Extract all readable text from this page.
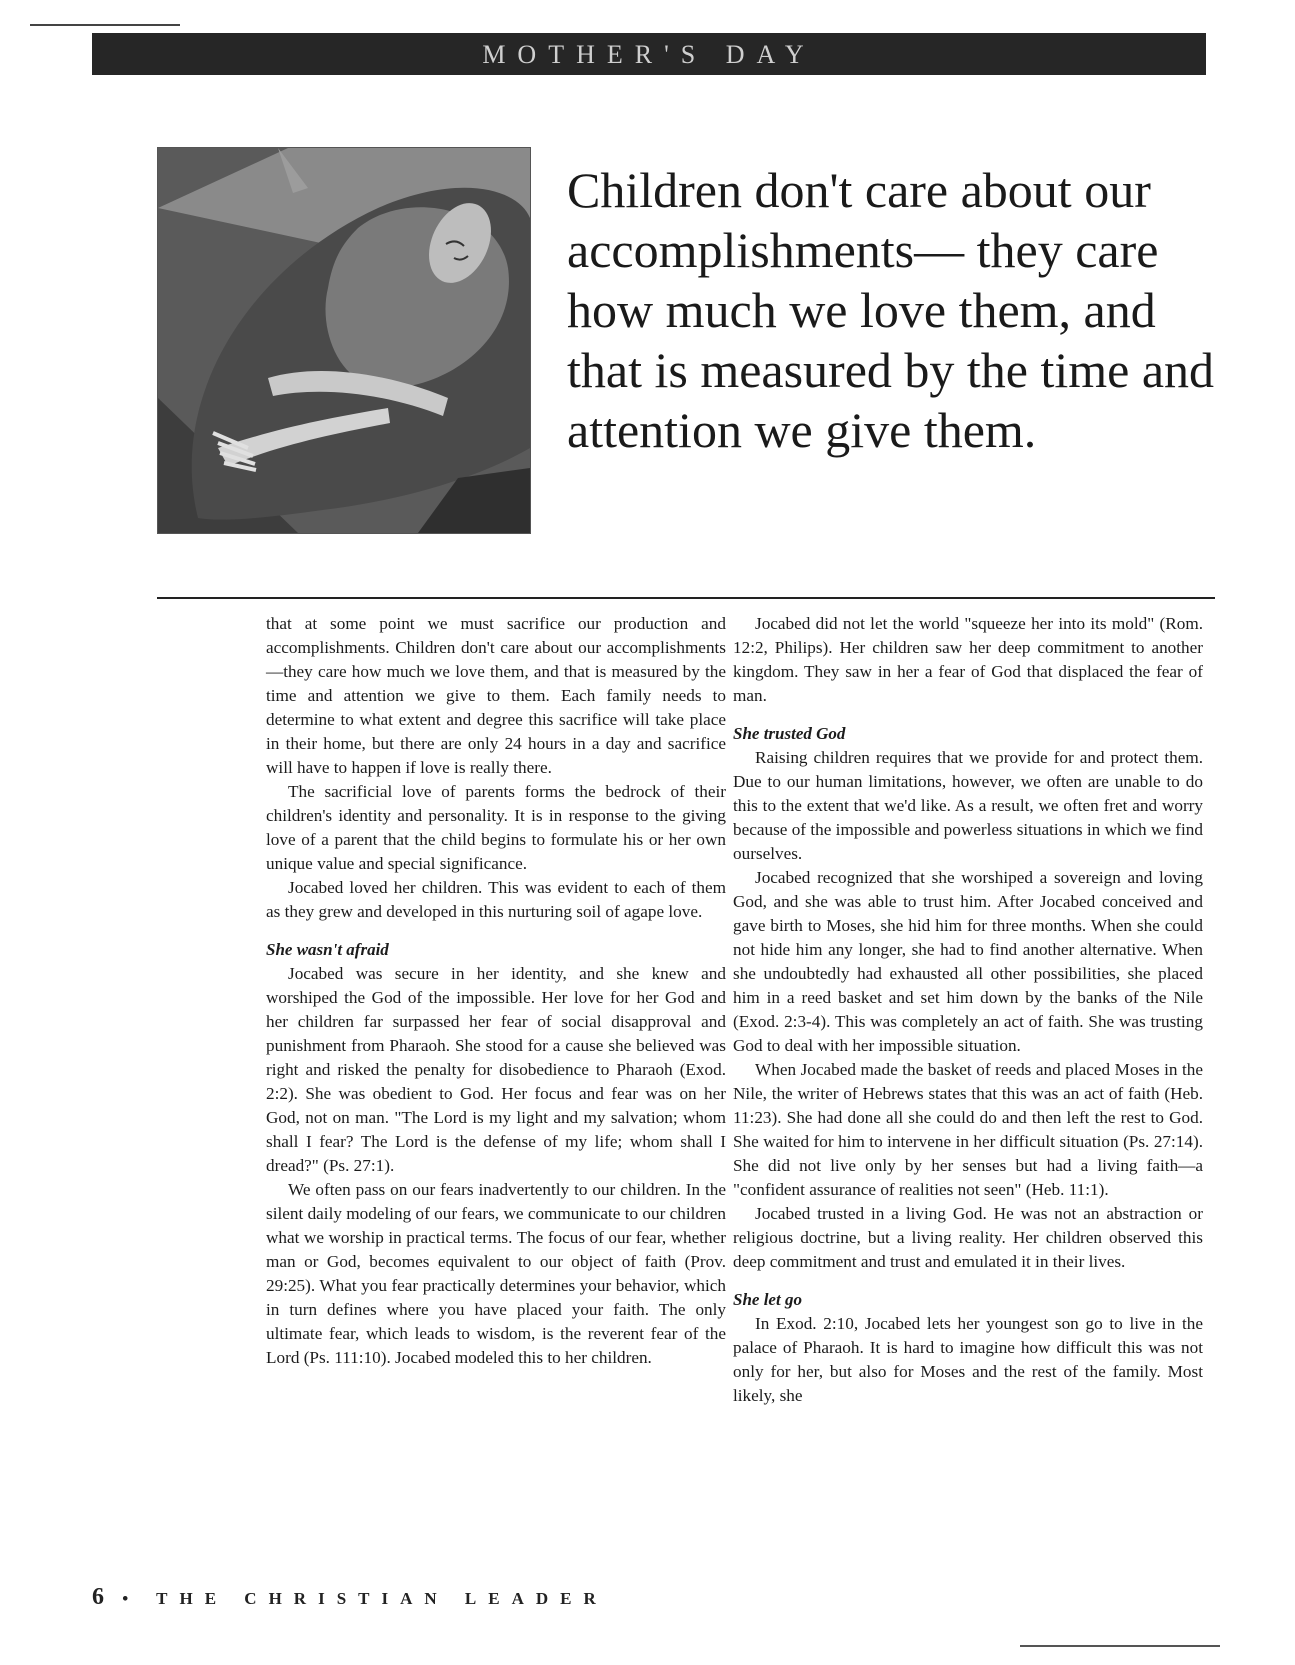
MOTHER'S DAY

Children don't care about our accomplishments— they care how much we love them, and that is measured by the time and attention we give them.

that at some point we must sacrifice our production and accomplishments. Children don't care about our accomplishments—they care how much we love them, and that is measured by the time and attention we give to them. Each family needs to determine to what extent and degree this sacrifice will take place in their home, but there are only 24 hours in a day and sacrifice will have to happen if love is really there.

The sacrificial love of parents forms the bedrock of their children's identity and personality. It is in response to the giving love of a parent that the child begins to formulate his or her own unique value and special significance.

Jocabed loved her children. This was evident to each of them as they grew and developed in this nurturing soil of agape love.

She wasn't afraid

Jocabed was secure in her identity, and she knew and worshiped the God of the impossible. Her love for her God and her children far surpassed her fear of social disapproval and punishment from Pharaoh. She stood for a cause she believed was right and risked the penalty for disobedience to Pharaoh (Exod. 2:2). She was obedient to God. Her focus and fear was on her God, not on man. "The Lord is my light and my salvation; whom shall I fear? The Lord is the defense of my life; whom shall I dread?" (Ps. 27:1).

We often pass on our fears inadvertently to our children. In the silent daily modeling of our fears, we communicate to our children what we worship in practical terms. The focus of our fear, whether man or God, becomes equivalent to our object of faith (Prov. 29:25). What you fear practically determines your behavior, which in turn defines where you have placed your faith. The only ultimate fear, which leads to wisdom, is the reverent fear of the Lord (Ps. 111:10). Jocabed modeled this to her children.

Jocabed did not let the world "squeeze her into its mold" (Rom. 12:2, Philips). Her children saw her deep commitment to another kingdom. They saw in her a fear of God that displaced the fear of man.

She trusted God

Raising children requires that we provide for and protect them. Due to our human limitations, however, we often are unable to do this to the extent that we'd like. As a result, we often fret and worry because of the impossible and powerless situations in which we find ourselves.

Jocabed recognized that she worshiped a sovereign and loving God, and she was able to trust him. After Jocabed conceived and gave birth to Moses, she hid him for three months. When she could not hide him any longer, she had to find another alternative. When she undoubtedly had exhausted all other possibilities, she placed him in a reed basket and set him down by the banks of the Nile (Exod. 2:3-4). This was completely an act of faith. She was trusting God to deal with her impossible situation.

When Jocabed made the basket of reeds and placed Moses in the Nile, the writer of Hebrews states that this was an act of faith (Heb. 11:23). She had done all she could do and then left the rest to God. She waited for him to intervene in her difficult situation (Ps. 27:14). She did not live only by her senses but had a living faith—a "confident assurance of realities not seen" (Heb. 11:1).

Jocabed trusted in a living God. He was not an abstraction or religious doctrine, but a living reality. Her children observed this deep commitment and trust and emulated it in their lives.

She let go

In Exod. 2:10, Jocabed lets her youngest son go to live in the palace of Pharaoh. It is hard to imagine how difficult this was not only for her, but also for Moses and the rest of the family. Most likely, she

6 • THE CHRISTIAN LEADER
